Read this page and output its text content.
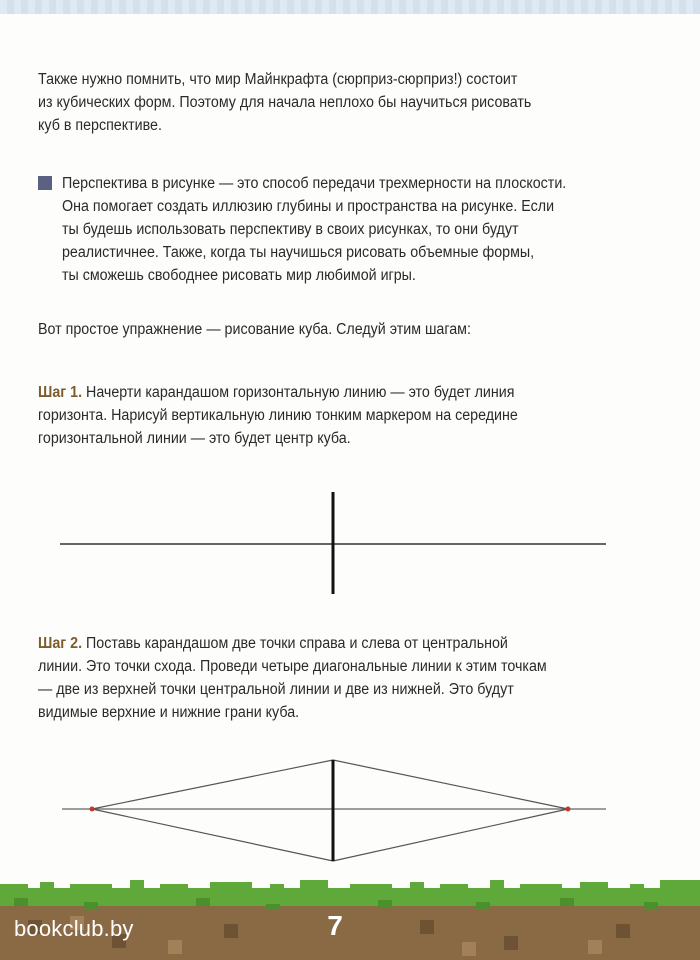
Также нужно помнить, что мир Майнкрафта (сюрприз-сюрприз!) состоит
из кубических форм. Поэтому для начала неплохо бы научиться рисовать
куб в перспективе.

Перспектива в рисунке — это способ передачи трехмерности на плоскости.
Она помогает создать иллюзию глубины и пространства на рисунке. Если
ты будешь использовать перспективу в своих рисунках, то они будут
реалистичнее. Также, когда ты научишься рисовать объемные формы,
ты сможешь свободнее рисовать мир любимой игры.

Вот простое упражнение — рисование куба. Следуй этим шагам:

Шаг 1. Начерти карандашом горизонтальную линию — это будет линия
горизонта. Нарисуй вертикальную линию тонким маркером на середине
горизонтальной линии — это будет центр куба.

Шаг 2. Поставь карандашом две точки справа и слева от центральной
линии. Это точки схода. Проведи четыре диагональные линии к этим точкам
— две из верхней точки центральной линии и две из нижней. Это будут
видимые верхние и нижние грани куба.

bookclub.by	7
